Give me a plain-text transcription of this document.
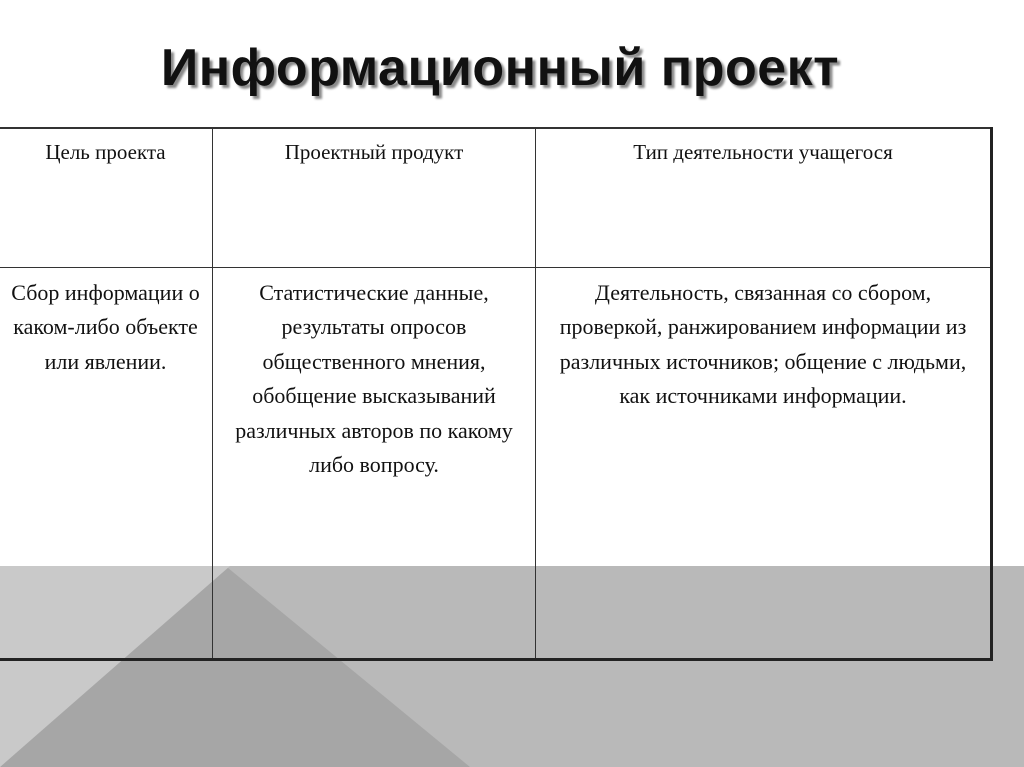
Информационный проект
Цель проекта	Проектный продукт	Тип деятельности учащегося
Сбор информации о каком-либо объекте или явлении.	Статистические данные, результаты опросов общественного мнения, обобщение высказываний различных авторов по какому либо вопросу.	Деятельность, связанная со сбором, проверкой, ранжированием информации из различных источников; общение с людьми, как источниками информации.
